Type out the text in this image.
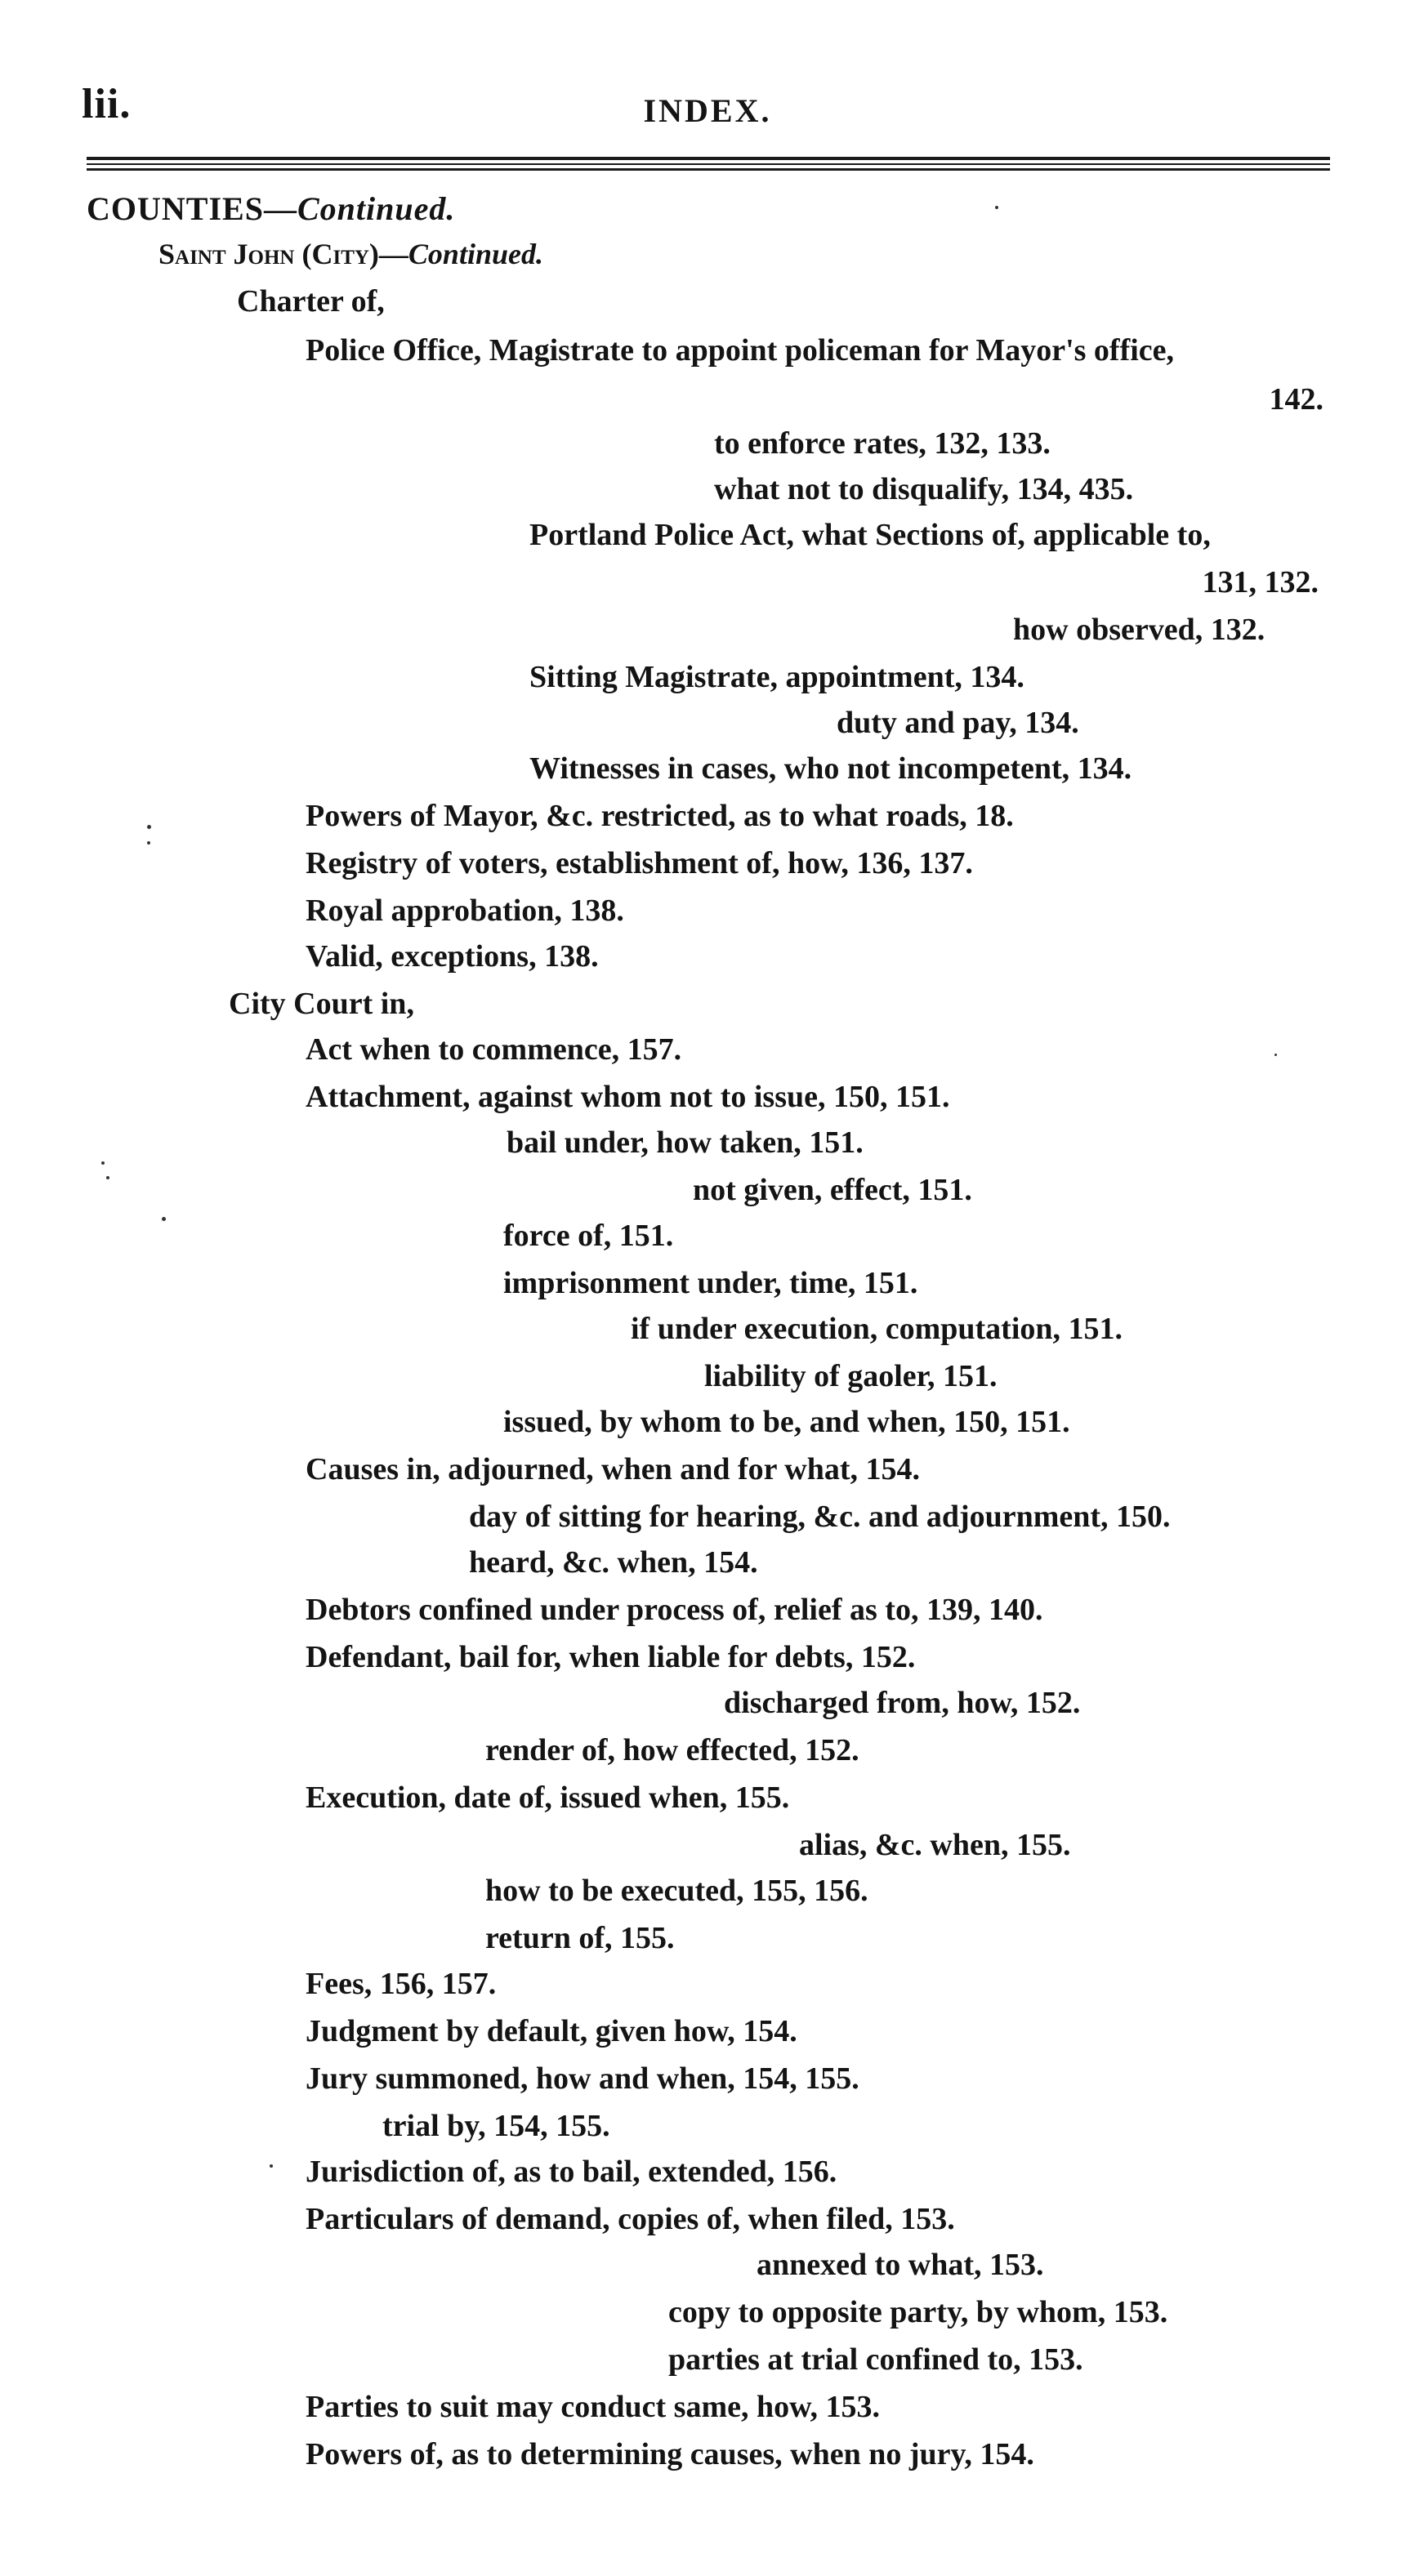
lii.	INDEX.
COUNTIES—Continued.
Saint John (City)—Continued.
Charter of,
Police Office, Magistrate to appoint policeman for Mayor's office,
142.
to enforce rates, 132, 133.
what not to disqualify, 134, 435.
Portland Police Act, what Sections of, applicable to,
131, 132.
how observed, 132.
Sitting Magistrate, appointment, 134.
duty and pay, 134.
Witnesses in cases, who not incompetent, 134.
Powers of Mayor, &c. restricted, as to what roads, 18.
Registry of voters, establishment of, how, 136, 137.
Royal approbation, 138.
Valid, exceptions, 138.
City Court in,
Act when to commence, 157.
Attachment, against whom not to issue, 150, 151.
bail under, how taken, 151.
not given, effect, 151.
force of, 151.
imprisonment under, time, 151.
if under execution, computation, 151.
liability of gaoler, 151.
issued, by whom to be, and when, 150, 151.
Causes in, adjourned, when and for what, 154.
day of sitting for hearing, &c. and adjournment, 150.
heard, &c. when, 154.
Debtors confined under process of, relief as to, 139, 140.
Defendant, bail for, when liable for debts, 152.
discharged from, how, 152.
render of, how effected, 152.
Execution, date of, issued when, 155.
alias, &c. when, 155.
how to be executed, 155, 156.
return of, 155.
Fees, 156, 157.
Judgment by default, given how, 154.
Jury summoned, how and when, 154, 155.
trial by, 154, 155.
Jurisdiction of, as to bail, extended, 156.
Particulars of demand, copies of, when filed, 153.
annexed to what, 153.
copy to opposite party, by whom, 153.
parties at trial confined to, 153.
Parties to suit may conduct same, how, 153.
Powers of, as to determining causes, when no jury, 154.
